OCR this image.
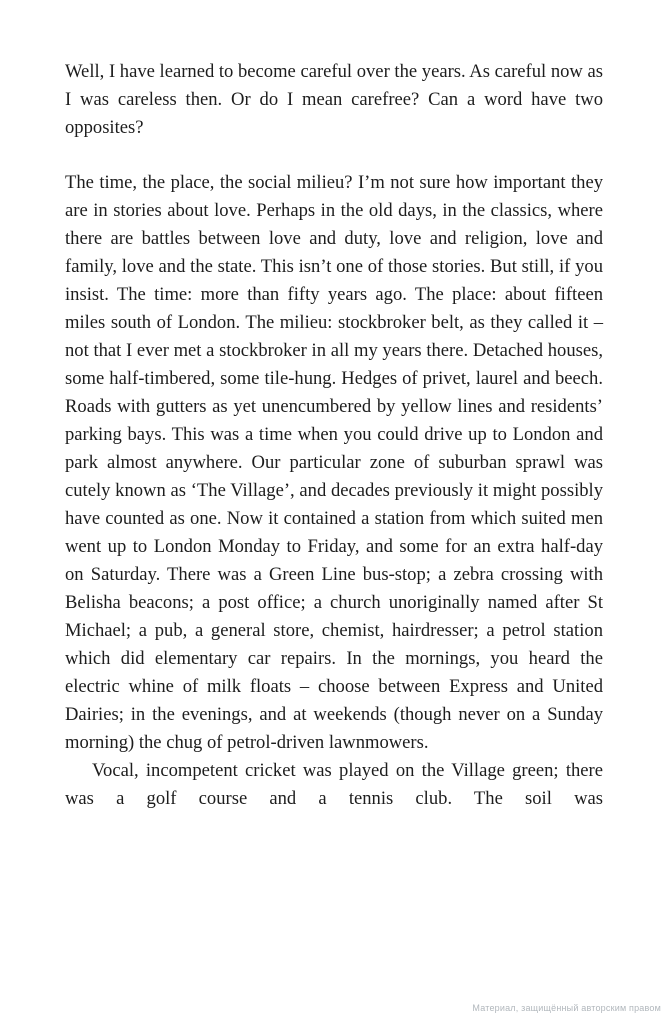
Well, I have learned to become careful over the years. As careful now as I was careless then. Or do I mean carefree? Can a word have two opposites?

The time, the place, the social milieu? I’m not sure how important they are in stories about love. Perhaps in the old days, in the classics, where there are battles between love and duty, love and religion, love and family, love and the state. This isn’t one of those stories. But still, if you insist. The time: more than fifty years ago. The place: about fifteen miles south of London. The milieu: stockbroker belt, as they called it – not that I ever met a stockbroker in all my years there. Detached houses, some half-timbered, some tile-hung. Hedges of privet, laurel and beech. Roads with gutters as yet unencumbered by yellow lines and residents’ parking bays. This was a time when you could drive up to London and park almost anywhere. Our particular zone of suburban sprawl was cutely known as ‘The Village’, and decades previously it might possibly have counted as one. Now it contained a station from which suited men went up to London Monday to Friday, and some for an extra half-day on Saturday. There was a Green Line bus-stop; a zebra crossing with Belisha beacons; a post office; a church unoriginally named after St Michael; a pub, a general store, chemist, hairdresser; a petrol station which did elementary car repairs. In the mornings, you heard the electric whine of milk floats – choose between Express and United Dairies; in the evenings, and at weekends (though never on a Sunday morning) the chug of petrol-driven lawnmowers.

Vocal, incompetent cricket was played on the Village green; there was a golf course and a tennis club. The soil was

Материал, защищённый авторским правом
